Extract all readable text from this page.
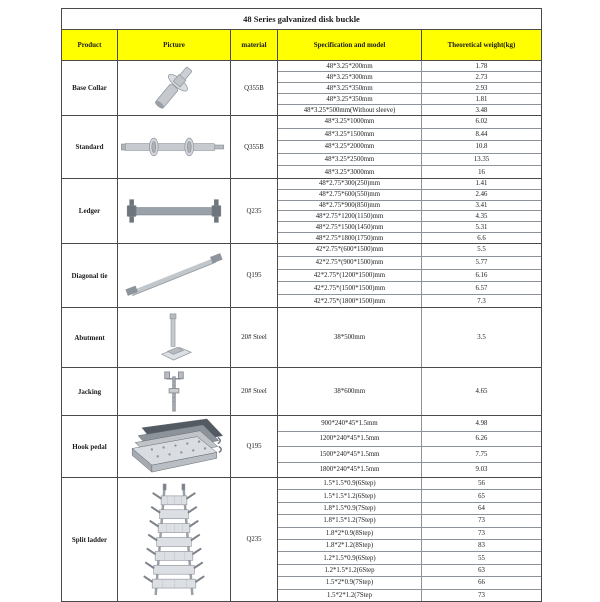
48 Series galvanized disk buckle
Product	Picture	material	Specification and model	Theoretical weight(kg)
Base Collar	Q355B
48*3.25*200mm	1.78
48*3.25*300mm	2.73
48*3.25*350mm	2.93
48*3.25*350mm	1.81
48*3.25*500mm(Without sleeve)	3.48
Standard	Q355B
48*3.25*1000mm	6.02
48*3.25*1500mm	8.44
48*3.25*2000mm	10.8
48*3.25*2500mm	13.35
48*3.25*3000mm	16
Ledger	Q235
48*2.75*300(250)mm	1.41
48*2.75*600(550)mm	2.46
48*2.75*900(850)mm	3.41
48*2.75*1200(1150)mm	4.35
48*2.75*1500(1450)mm	5.31
48*2.75*1800(1750)mm	6.6
Diagonal tie	Q195
42*2.75*(600*1500)mm	5.5
42*2.75*(900*1500)mm	5.77
42*2.75*(1200*1500)mm	6.16
42*2.75*(1500*1500)mm	6.57
42*2.75*(1800*1500)mm	7.3
Abutment	20# Steel	38*500mm	3.5
Jacking	20# Steel	38*600mm	4.65
Hook pedal	Q195
900*240*45*1.5mm	4.98
1200*240*45*1.5mm	6.26
1500*240*45*1.5mm	7.75
1800*240*45*1.5mm	9.03
Split ladder	Q235
1.5*1.5*0.9(6Step)	56
1.5*1.5*1.2(6Step)	65
1.8*1.5*0.9(7Step)	64
1.8*1.5*1.2(7Step)	73
1.8*2*0.9(8Step)	73
1.8*2*1.2(8Step)	83
1.2*1.5*0.9(6Step)	55
1.2*1.5*1.2(6Step	63
1.5*2*0.9(7Step)	66
1.5*2*1.2(7Step	73
